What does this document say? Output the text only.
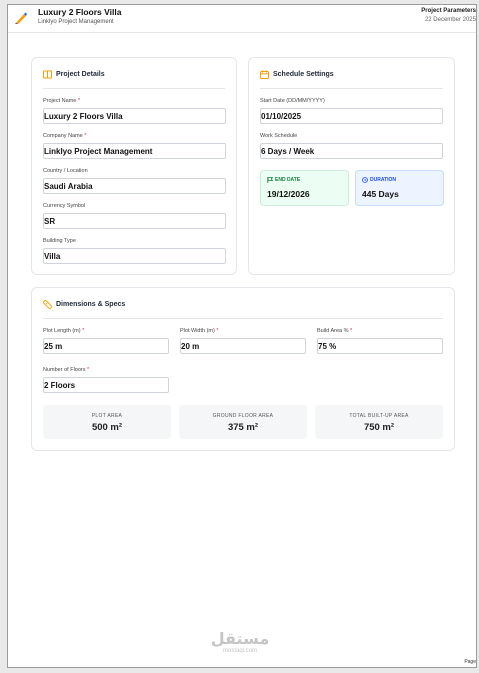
Luxury 2 Floors Villa
Linklyo Project Management
Project Parameters
22 December 2025
Project Details
Project Name *
Luxury 2 Floors Villa
Company Name *
Linklyo Project Management
Country / Location
Saudi Arabia
Currency Symbol
SR
Building Type
Villa
Schedule Settings
Start Date (DD/MM/YYYY)
01/10/2025
Work Schedule
6 Days / Week
END DATE
19/12/2026
DURATION
445 Days
Dimensions & Specs
Plot Length (m) *
25 m
Plot Width (m) *
20 m
Build Area % *
75 %
Number of Floors *
2 Floors
PLOT AREA
500 m²
GROUND FLOOR AREA
375 m²
TOTAL BUILT-UP AREA
750 m²
مستقل
mostaql.com
Page
